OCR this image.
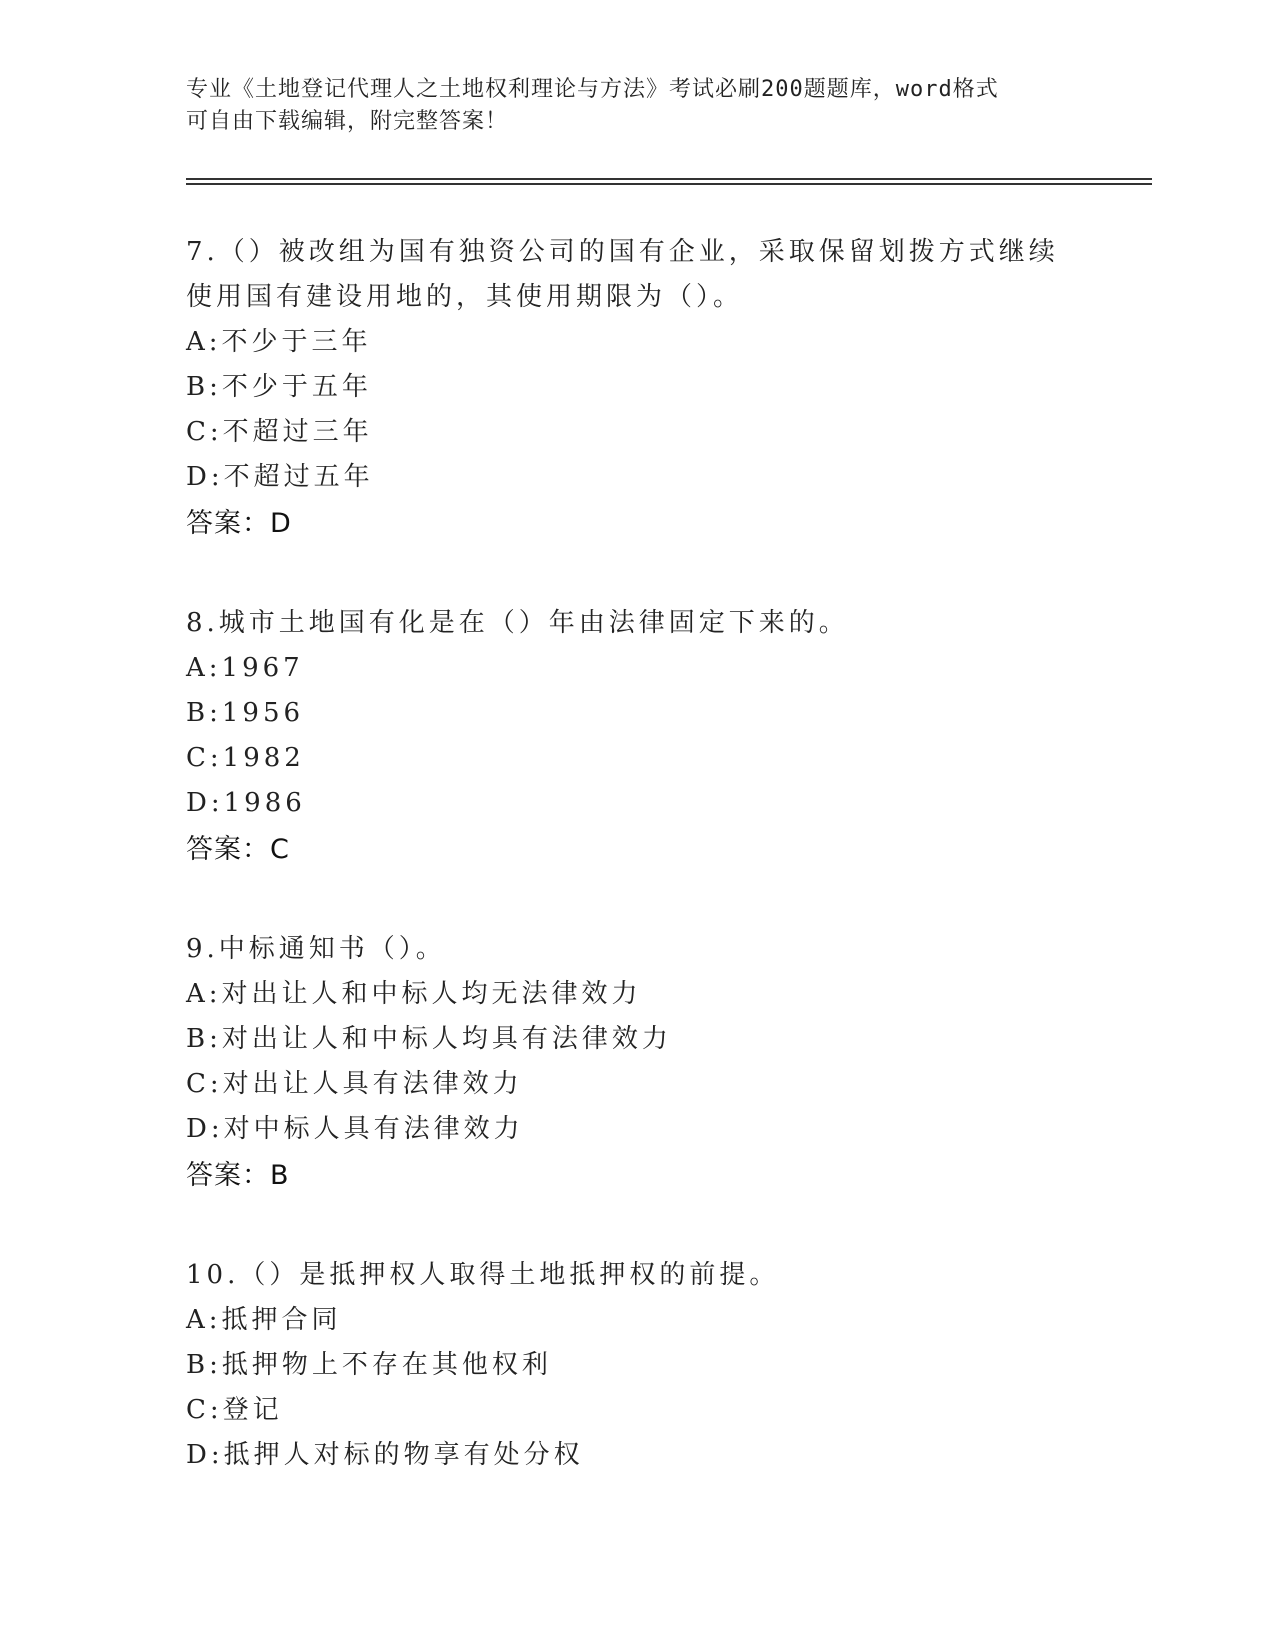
专业《土地登记代理人之土地权利理论与方法》考试必刷200题题库，word格式
可自由下载编辑，附完整答案！

7.（）被改组为国有独资公司的国有企业，采取保留划拨方式继续使用国有建设用地的，其使用期限为（）。

A:不少于三年
B:不少于五年
C:不超过三年
D:不超过五年

答案：D

8.城市土地国有化是在（）年由法律固定下来的。

A:1967
B:1956
C:1982
D:1986

答案：C

9.中标通知书（）。

A:对出让人和中标人均无法律效力
B:对出让人和中标人均具有法律效力
C:对出让人具有法律效力
D:对中标人具有法律效力

答案：B

10.（）是抵押权人取得土地抵押权的前提。

A:抵押合同
B:抵押物上不存在其他权利
C:登记
D:抵押人对标的物享有处分权
